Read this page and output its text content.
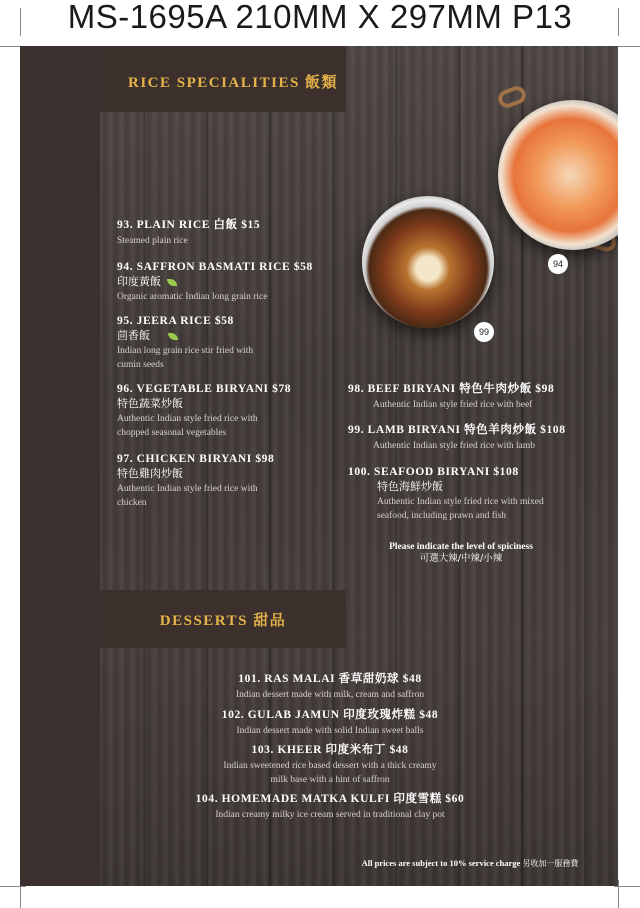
MS-1695A 210MM X 297MM P13
RICE SPECIALITIES 飯類
94
99
93. PLAIN RICE 白飯 $15
Steamed plain rice
94. SAFFRON BASMATI RICE $58
印度黃飯
Organic aromatic Indian long grain rice
95. JEERA RICE $58
茴香飯
Indian long grain rice stir fried with
cumin seeds
96. VEGETABLE BIRYANI $78
特色蔬菜炒飯
Authentic Indian style fried rice with
chopped seasonal vegetables
97. CHICKEN BIRYANI $98
特色雞肉炒飯
Authentic Indian style fried rice with
chicken
98. BEEF BIRYANI 特色牛肉炒飯 $98
Authentic Indian style fried rice with beef
99. LAMB BIRYANI 特色羊肉炒飯 $108
Authentic Indian style fried rice with lamb
100. SEAFOOD BIRYANI $108
特色海鮮炒飯
Authentic Indian style fried rice with mixed
seafood, including prawn and fish
Please indicate the level of spiciness
可選大辣/中辣/小辣
DESSERTS 甜品
101. RAS MALAI 香草甜奶球 $48
Indian dessert made with milk, cream and saffron
102. GULAB JAMUN 印度玫瑰炸糕 $48
Indian dessert made with solid Indian sweet balls
103. KHEER 印度米布丁 $48
Indian sweetened rice based dessert with a thick creamy
milk base with a hint of saffron
104. HOMEMADE MATKA KULFI 印度雪糕 $60
Indian creamy milky ice cream served in traditional clay pot
All prices are subject to 10% service charge 另收加一服務費
